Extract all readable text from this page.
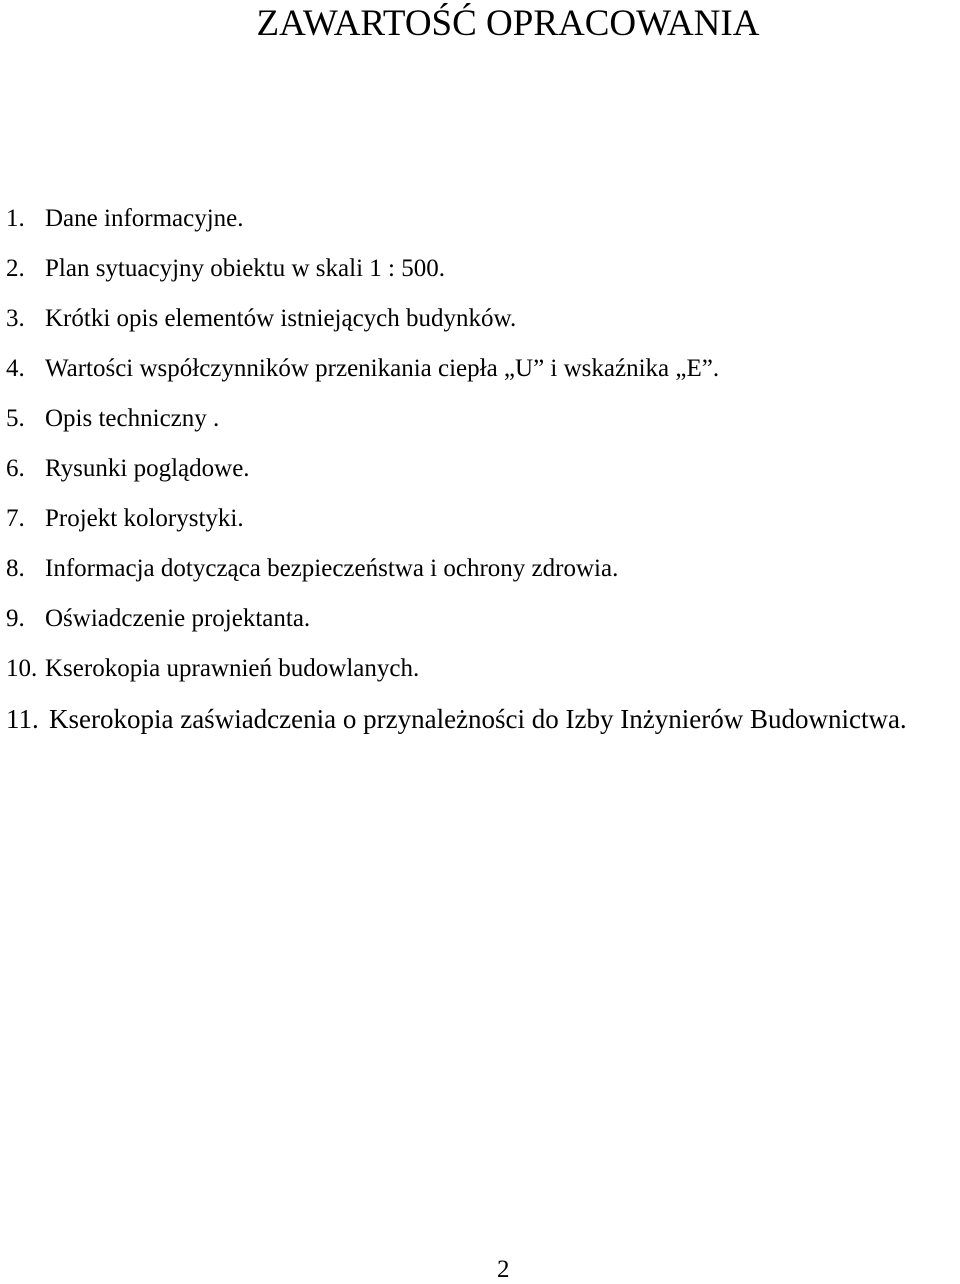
ZAWARTOŚĆ OPRACOWANIA
1. Dane informacyjne.
2. Plan sytuacyjny obiektu w skali 1 : 500.
3. Krótki opis elementów istniejących budynków.
4. Wartości współczynników przenikania ciepła „U” i wskaźnika „E”.
5. Opis techniczny .
6. Rysunki poglądowe.
7. Projekt kolorystyki.
8. Informacja dotycząca bezpieczeństwa i ochrony zdrowia.
9. Oświadczenie projektanta.
10. Kserokopia uprawnień budowlanych.
11. Kserokopia zaświadczenia o przynależności do Izby Inżynierów Budownictwa.
2
